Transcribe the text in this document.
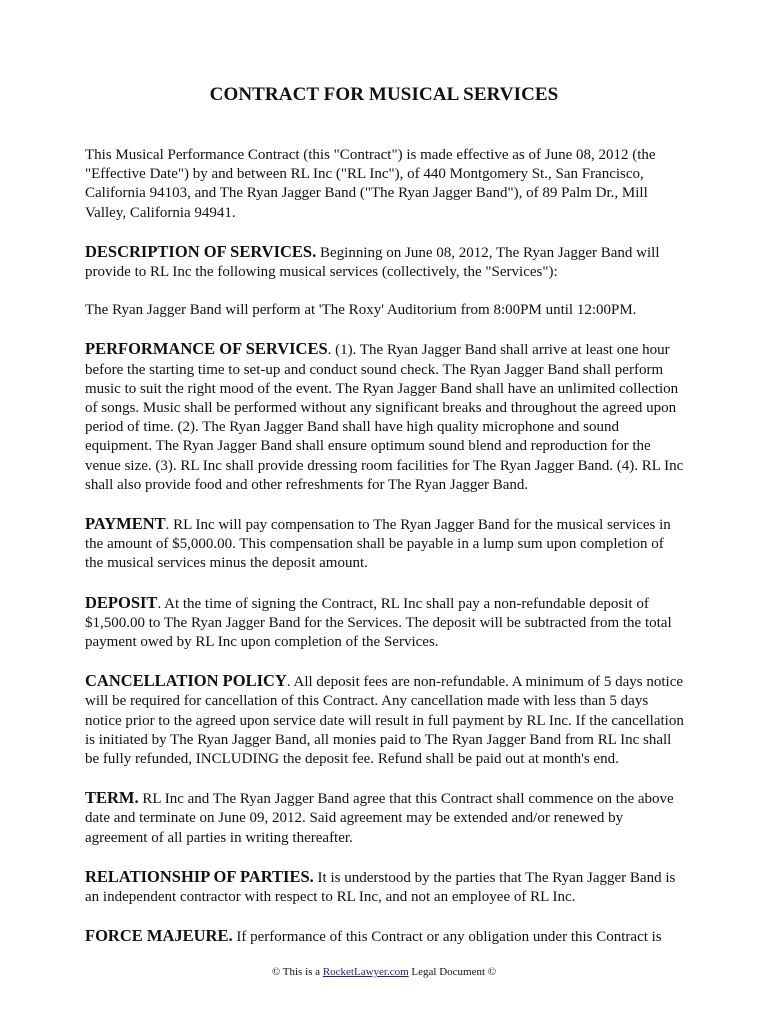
CONTRACT FOR MUSICAL SERVICES

This Musical Performance Contract (this "Contract") is made effective as of June 08, 2012 (the "Effective Date") by and between RL Inc ("RL Inc"), of 440 Montgomery St., San Francisco, California 94103, and The Ryan Jagger Band ("The Ryan Jagger Band"), of 89 Palm Dr., Mill Valley, California 94941.

DESCRIPTION OF SERVICES. Beginning on June 08, 2012, The Ryan Jagger Band will provide to RL Inc the following musical services (collectively, the "Services"):

The Ryan Jagger Band will perform at 'The Roxy' Auditorium from 8:00PM until 12:00PM.

PERFORMANCE OF SERVICES. (1). The Ryan Jagger Band shall arrive at least one hour before the starting time to set-up and conduct sound check. The Ryan Jagger Band shall perform music to suit the right mood of the event. The Ryan Jagger Band shall have an unlimited collection of songs. Music shall be performed without any significant breaks and throughout the agreed upon period of time. (2). The Ryan Jagger Band shall have high quality microphone and sound equipment. The Ryan Jagger Band shall ensure optimum sound blend and reproduction for the venue size. (3). RL Inc shall provide dressing room facilities for The Ryan Jagger Band. (4). RL Inc shall also provide food and other refreshments for The Ryan Jagger Band.

PAYMENT. RL Inc will pay compensation to The Ryan Jagger Band for the musical services in the amount of $5,000.00. This compensation shall be payable in a lump sum upon completion of the musical services minus the deposit amount.

DEPOSIT. At the time of signing the Contract, RL Inc shall pay a non-refundable deposit of $1,500.00 to The Ryan Jagger Band for the Services. The deposit will be subtracted from the total payment owed by RL Inc upon completion of the Services.

CANCELLATION POLICY. All deposit fees are non-refundable. A minimum of 5 days notice will be required for cancellation of this Contract. Any cancellation made with less than 5 days notice prior to the agreed upon service date will result in full payment by RL Inc. If the cancellation is initiated by The Ryan Jagger Band, all monies paid to The Ryan Jagger Band from RL Inc shall be fully refunded, INCLUDING the deposit fee. Refund shall be paid out at month's end.

TERM. RL Inc and The Ryan Jagger Band agree that this Contract shall commence on the above date and terminate on June 09, 2012. Said agreement may be extended and/or renewed by agreement of all parties in writing thereafter.

RELATIONSHIP OF PARTIES. It is understood by the parties that The Ryan Jagger Band is an independent contractor with respect to RL Inc, and not an employee of RL Inc.

FORCE MAJEURE. If performance of this Contract or any obligation under this Contract is

© This is a RocketLawyer.com Legal Document ©
